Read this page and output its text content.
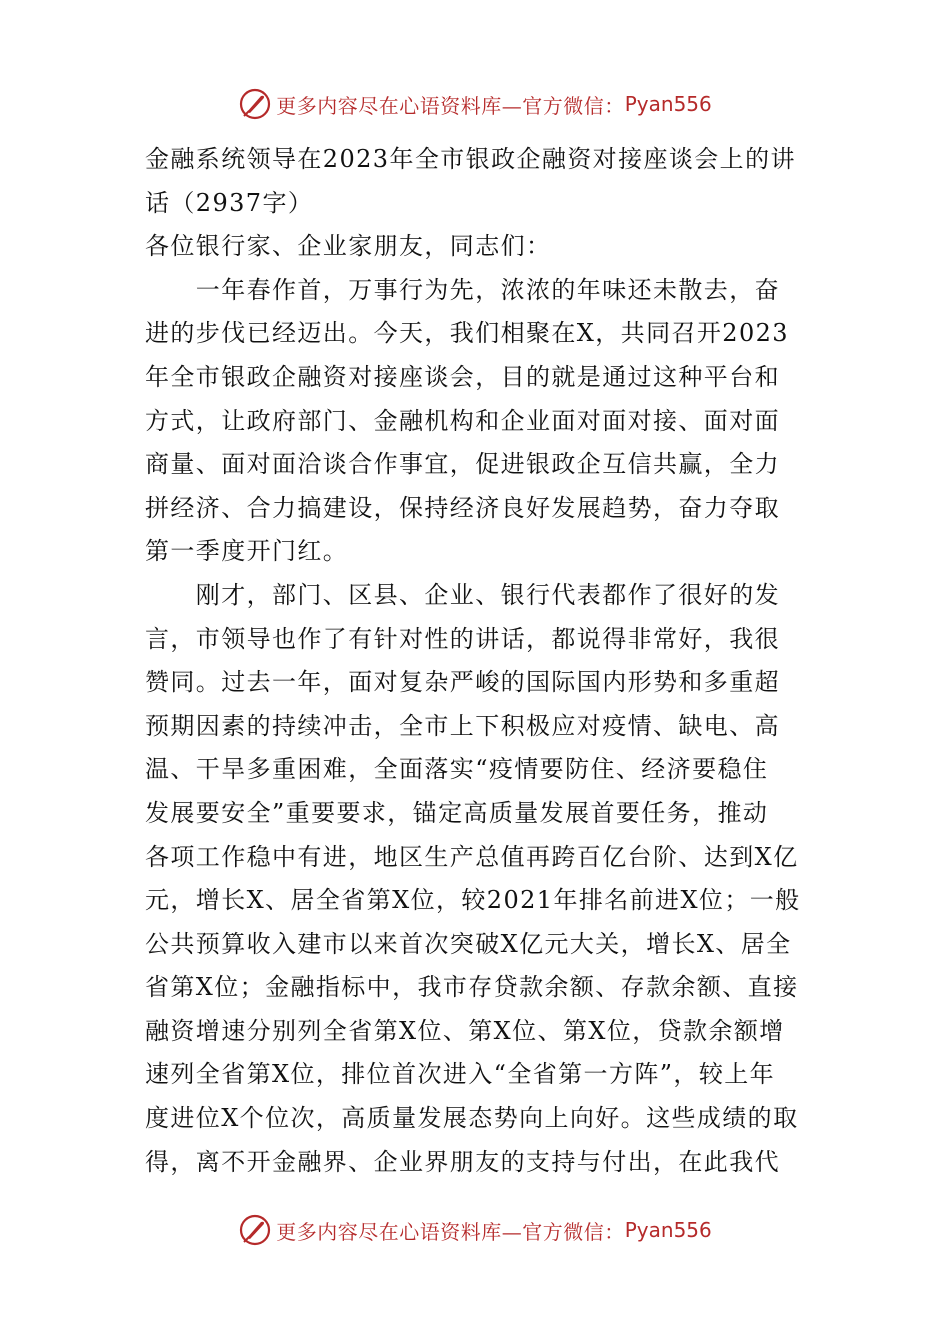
更多内容尽在心语资料库—官方微信： Pyan556
金融系统领导在2023年全市银政企融资对接座谈会上的讲
话（2937字）
各位银行家、企业家朋友，同志们：
　　一年春作首，万事行为先，浓浓的年味还未散去，奋
进的步伐已经迈出。今天，我们相聚在X，共同召开2023
年全市银政企融资对接座谈会，目的就是通过这种平台和
方式，让政府部门、金融机构和企业面对面对接、面对面
商量、面对面洽谈合作事宜，促进银政企互信共赢，全力
拼经济、合力搞建设，保持经济良好发展趋势，奋力夺取
第一季度开门红。
　　刚才，部门、区县、企业、银行代表都作了很好的发
言，市领导也作了有针对性的讲话，都说得非常好，我很
赞同。过去一年，面对复杂严峻的国际国内形势和多重超
预期因素的持续冲击，全市上下积极应对疫情、缺电、高
温、干旱多重困难，全面落实“疫情要防住、经济要稳住
发展要安全”重要要求，锚定高质量发展首要任务，推动
各项工作稳中有进，地区生产总值再跨百亿台阶、达到X亿
元，增长X、居全省第X位，较2021年排名前进X位；一般
公共预算收入建市以来首次突破X亿元大关，增长X、居全
省第X位；金融指标中，我市存贷款余额、存款余额、直接
融资增速分别列全省第X位、第X位、第X位，贷款余额增
速列全省第X位，排位首次进入“全省第一方阵”，较上年
度进位X个位次，高质量发展态势向上向好。这些成绩的取
得，离不开金融界、企业界朋友的支持与付出，在此我代
更多内容尽在心语资料库—官方微信： Pyan556
